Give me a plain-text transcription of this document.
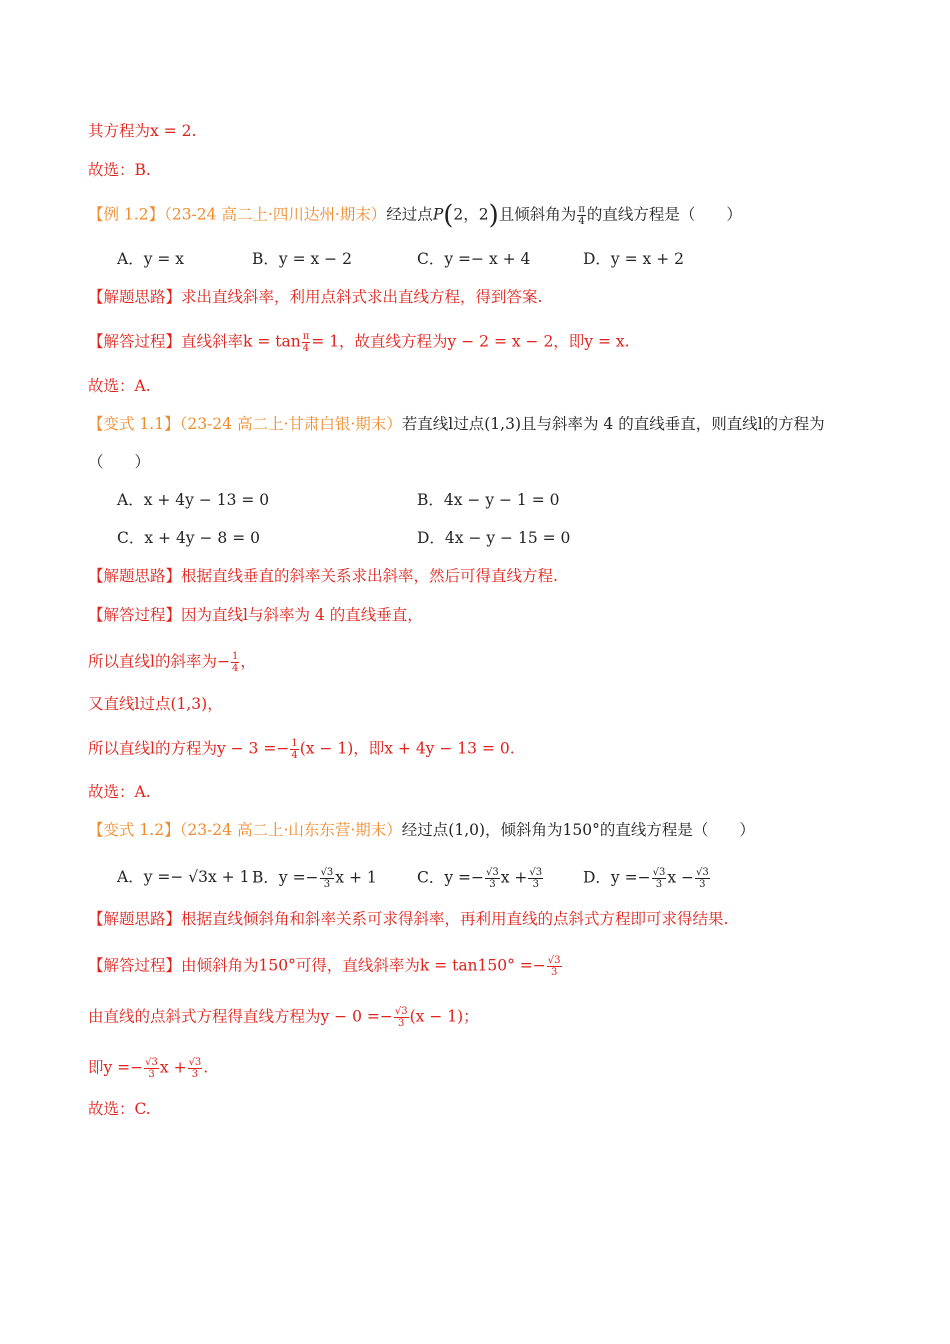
其方程为x = 2.
故选：B.
【例 1.2】（23-24 高二上·四川达州·期末）经过点P(2，2)且倾斜角为 $\frac{\pi}{4}$ 的直线方程是（　　）
A．y = x	B．y = x − 2	C．y =− x + 4	D．y = x + 2
【解题思路】求出直线斜率，利用点斜式求出直线方程，得到答案.
【解答过程】直线斜率$k = \tan \frac{\pi}{4} = 1$，故直线方程为y − 2 = x − 2，即y = x.
故选：A.
【变式 1.1】（23-24 高二上·甘肃白银·期末）若直线l过点(1,3)且与斜率为 4 的直线垂直，则直线l的方程为
（　　）
A．x + 4y − 13 = 0	B．4x − y − 1 = 0
C．x + 4y − 8 = 0	D．4x − y − 15 = 0
【解题思路】根据直线垂直的斜率关系求出斜率，然后可得直线方程.
【解答过程】因为直线l与斜率为 4 的直线垂直，
所以直线l的斜率为− $\frac{1}{4}$ ，
又直线l过点(1,3)，
所以直线l的方程为$y - 3 =- \frac{1}{4} (x - 1)$，即x + 4y − 13 = 0.
故选：A.
【变式 1.2】（23-24 高二上·山东东营·期末）经过点(1,0)，倾斜角为150°的直线方程是（　　）
A．y =− √3x + 1 B．$y =- \frac{√3}{3}$ x + 1	C．$y =- \frac{√3}{3}$ $x + \frac{√3}{3}$	D．$y =- \frac{√3}{3}$ $x - \frac{√3}{3}$
【解题思路】根据直线倾斜角和斜率关系可求得斜率，再利用直线的点斜式方程即可求得结果.
【解答过程】由倾斜角为150°可得，直线斜率为$k = \tan 150^\circ =- \frac{√3}{3}$
由直线的点斜式方程得直线方程为$y - 0 =- \frac{√3}{3} (x - 1)$；
即$y =- \frac{√3}{3}$ $x + \frac{√3}{3}$ .
故选：C.
